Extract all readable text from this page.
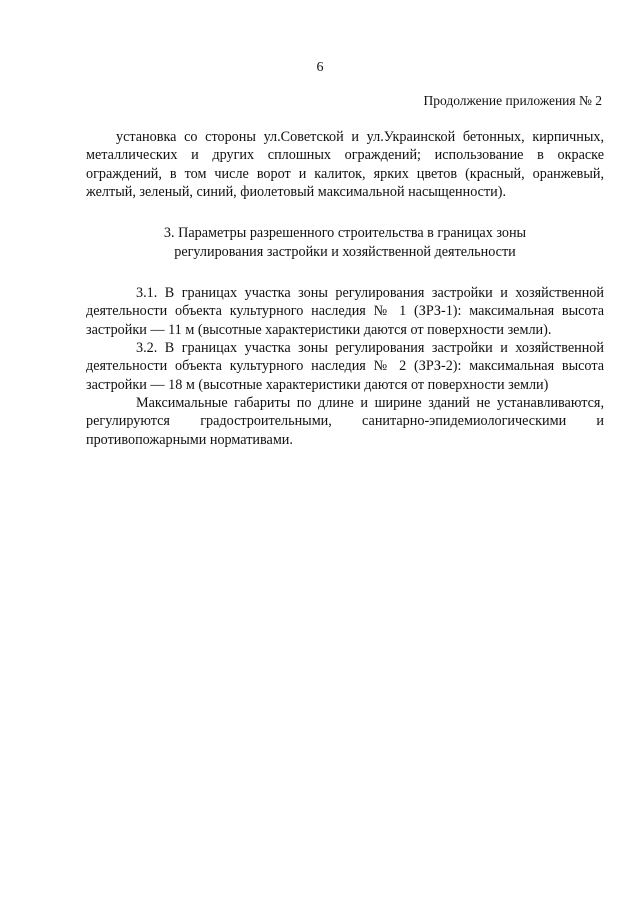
6
Продолжение приложения № 2

установка со стороны ул.Советской и ул.Украинской бетонных, кирпичных, металлических и других сплошных ограждений; использование в окраске ограждений, в том числе ворот и калиток, ярких цветов (красный, оранжевый, желтый, зеленый, синий, фиолетовый максимальной насыщенности).

3. Параметры разрешенного строительства в границах зоны
регулирования застройки и хозяйственной деятельности

3.1. В границах участка зоны регулирования застройки и хозяйственной деятельности объекта культурного наследия № 1 (ЗРЗ-1): максимальная высота застройки — 11 м (высотные характеристики даются от поверхности земли).

3.2. В границах участка зоны регулирования застройки и хозяйственной деятельности объекта культурного наследия № 2 (ЗРЗ-2): максимальная высота застройки — 18 м (высотные характеристики даются от поверхности земли)

Максимальные габариты по длине и ширине зданий не устанавливаются, регулируются градостроительными, санитарно-эпидемиологическими и противопожарными нормативами.
